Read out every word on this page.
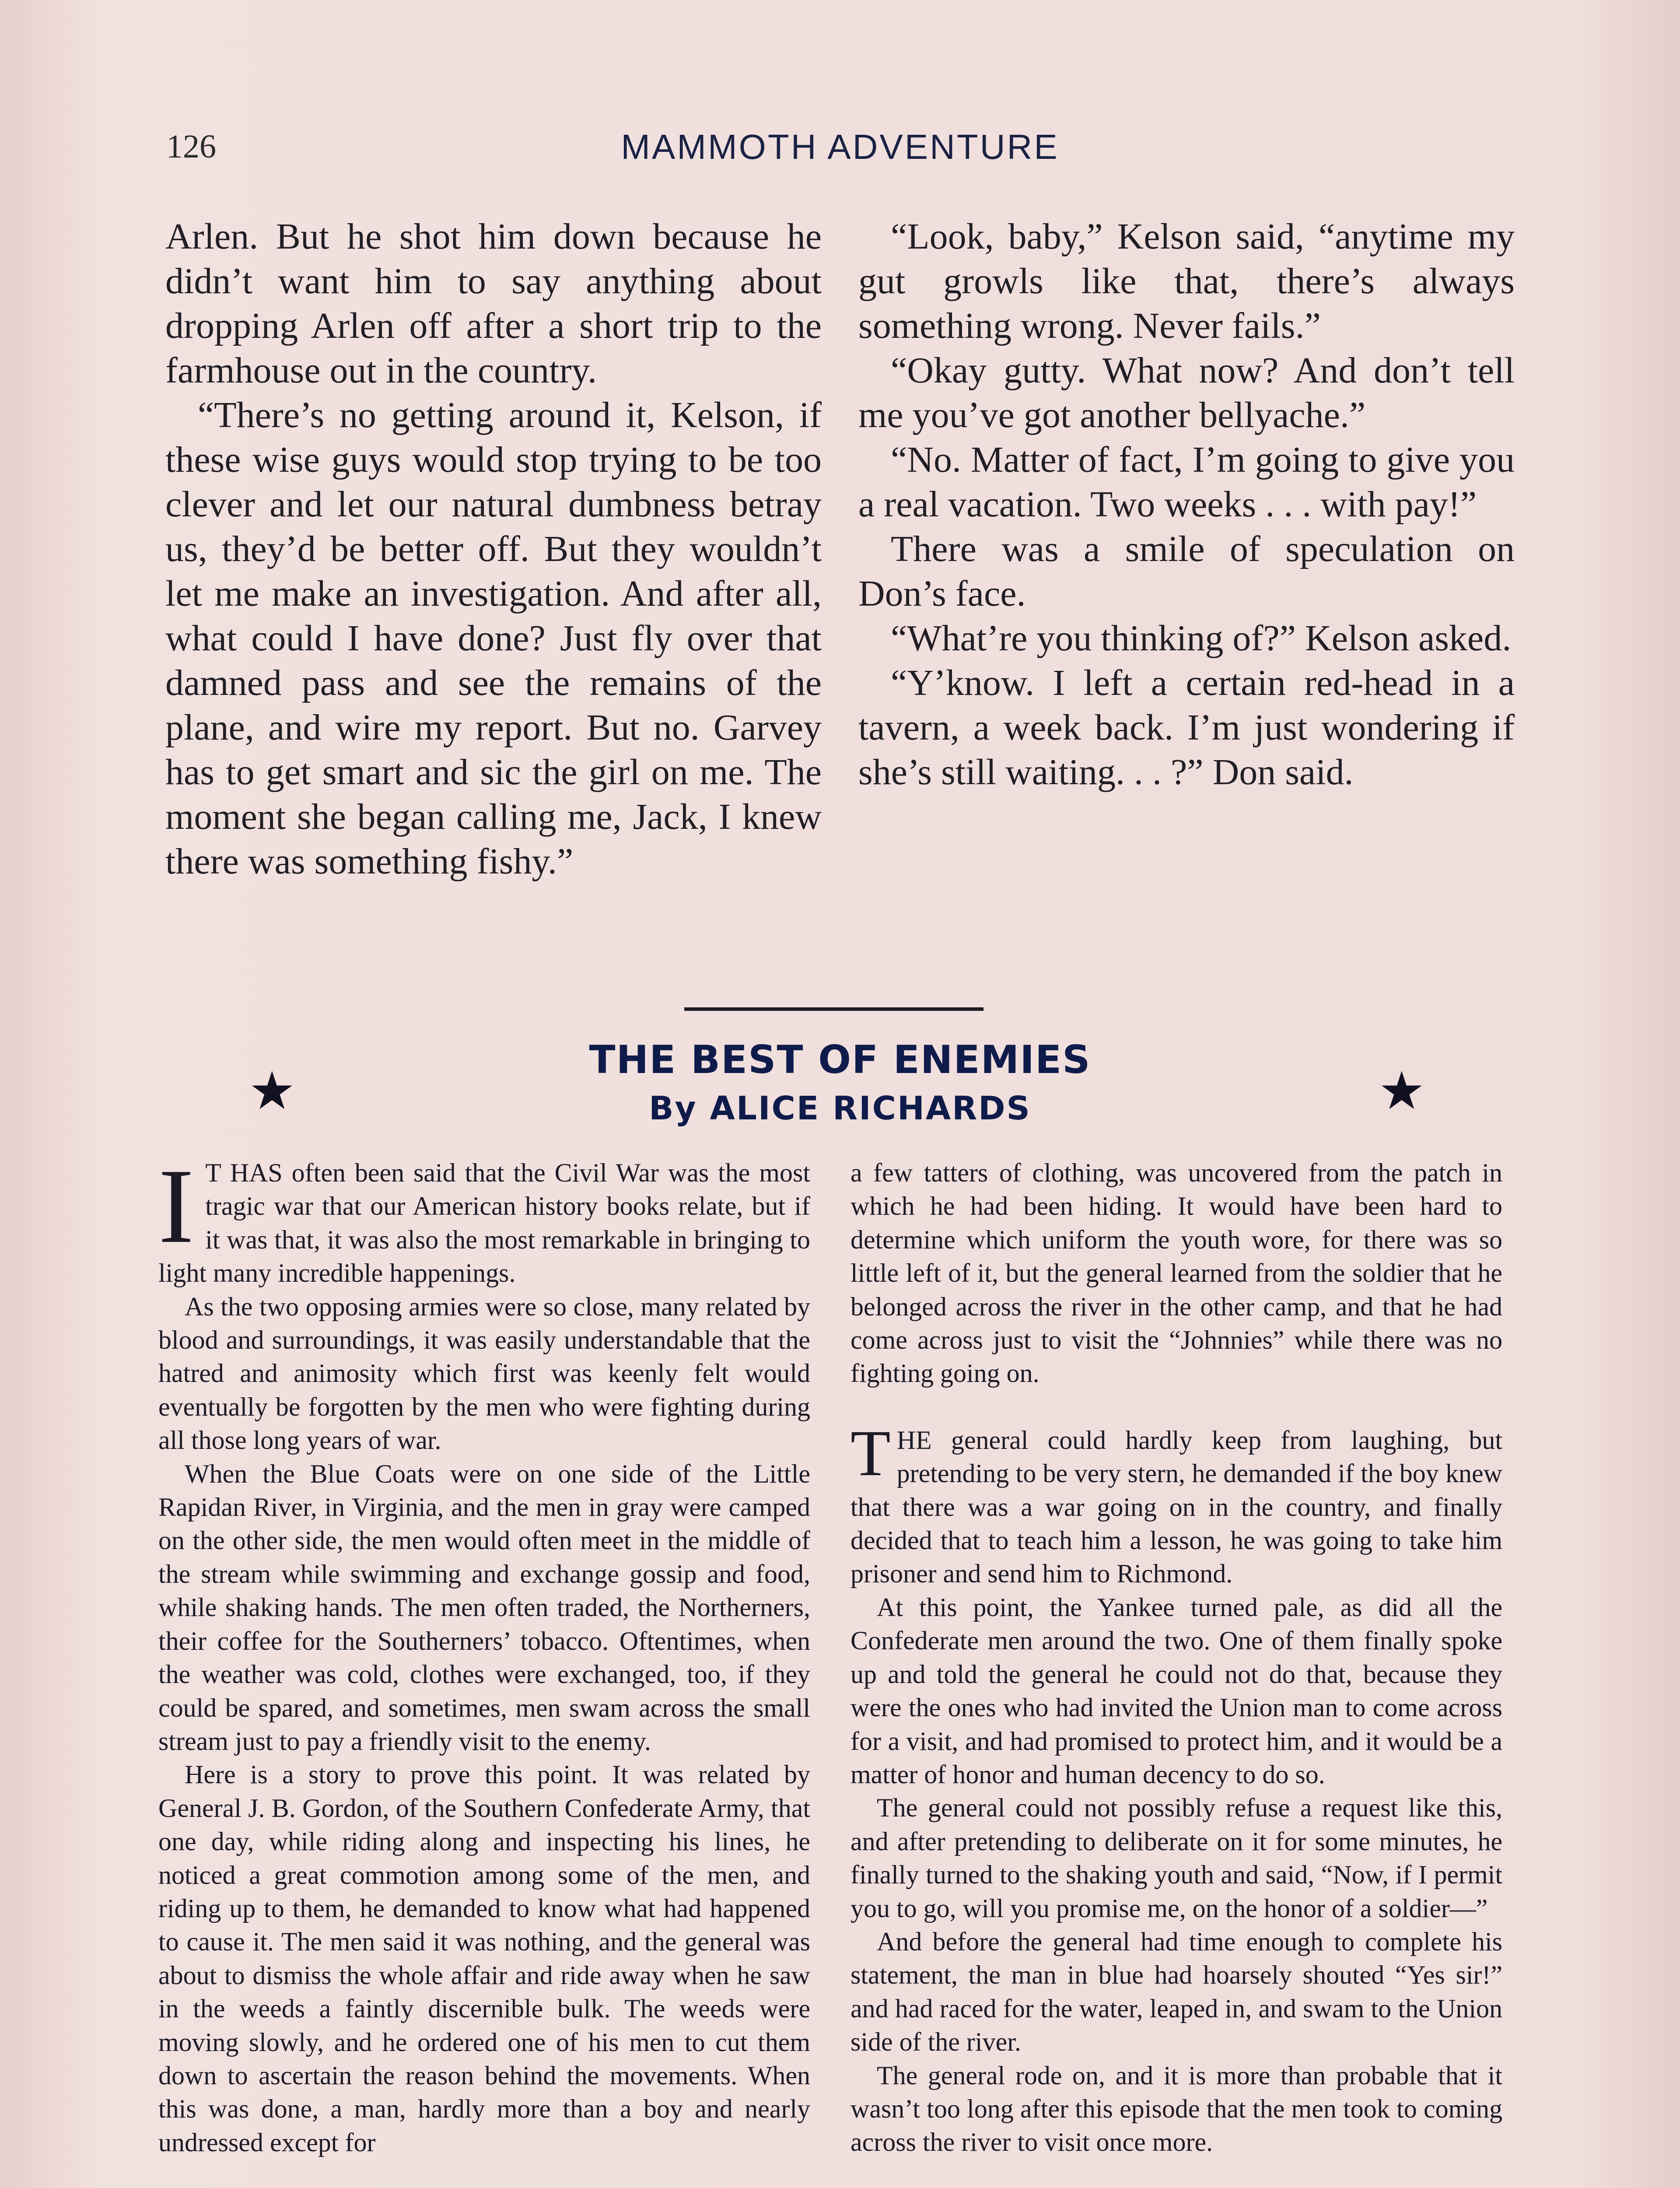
126	MAMMOTH ADVENTURE

Arlen. But he shot him down because he didn’t want him to say anything about dropping Arlen off after a short trip to the farmhouse out in the country.

“There’s no getting around it, Kelson, if these wise guys would stop trying to be too clever and let our natural dumbness betray us, they’d be better off. But they wouldn’t let me make an investigation. And after all, what could I have done? Just fly over that damned pass and see the remains of the plane, and wire my report. But no. Garvey has to get smart and sic the girl on me. The moment she began calling me, Jack, I knew there was something fishy.”

“Look, baby,” Kelson said, “anytime my gut growls like that, there’s always something wrong. Never fails.”

“Okay gutty. What now? And don’t tell me you’ve got another bellyache.”

“No. Matter of fact, I’m going to give you a real vacation. Two weeks . . . with pay!”

There was a smile of speculation on Don’s face.

“What’re you thinking of?” Kelson asked.

“Y’know. I left a certain red-head in a tavern, a week back. I’m just wondering if she’s still waiting. . . ?” Don said.

★
THE BEST OF ENEMIES
By ALICE RICHARDS	★

I T HAS often been said that the Civil War was the most tragic war that our American history books relate, but if it was that, it was also the most remarkable in bringing to light many incredible happenings.

As the two opposing armies were so close, many related by blood and surroundings, it was easily understandable that the hatred and animosity which first was keenly felt would eventually be forgotten by the men who were fighting during all those long years of war.

When the Blue Coats were on one side of the Little Rapidan River, in Virginia, and the men in gray were camped on the other side, the men would often meet in the middle of the stream while swimming and exchange gossip and food, while shaking hands. The men often traded, the Northerners, their coffee for the Southerners’ tobacco. Oftentimes, when the weather was cold, clothes were exchanged, too, if they could be spared, and sometimes, men swam across the small stream just to pay a friendly visit to the enemy.

Here is a story to prove this point. It was related by General J. B. Gordon, of the Southern Confederate Army, that one day, while riding along and inspecting his lines, he noticed a great commotion among some of the men, and riding up to them, he demanded to know what had happened to cause it. The men said it was nothing, and the general was about to dismiss the whole affair and ride away when he saw in the weeds a faintly discernible bulk. The weeds were moving slowly, and he ordered one of his men to cut them down to ascertain the reason behind the movements. When this was done, a man, hardly more than a boy and nearly undressed except for

a few tatters of clothing, was uncovered from the patch in which he had been hiding. It would have been hard to determine which uniform the youth wore, for there was so little left of it, but the general learned from the soldier that he belonged across the river in the other camp, and that he had come across just to visit the “Johnnies” while there was no fighting going on.

THE general could hardly keep from laughing, but pretending to be very stern, he demanded if the boy knew that there was a war going on in the country, and finally decided that to teach him a lesson, he was going to take him prisoner and send him to Richmond.

At this point, the Yankee turned pale, as did all the Confederate men around the two. One of them finally spoke up and told the general he could not do that, because they were the ones who had invited the Union man to come across for a visit, and had promised to protect him, and it would be a matter of honor and human decency to do so.

The general could not possibly refuse a request like this, and after pretending to deliberate on it for some minutes, he finally turned to the shaking youth and said, “Now, if I permit you to go, will you promise me, on the honor of a soldier—”

And before the general had time enough to complete his statement, the man in blue had hoarsely shouted “Yes sir!” and had raced for the water, leaped in, and swam to the Union side of the river.

The general rode on, and it is more than probable that it wasn’t too long after this episode that the men took to coming across the river to visit once more.
